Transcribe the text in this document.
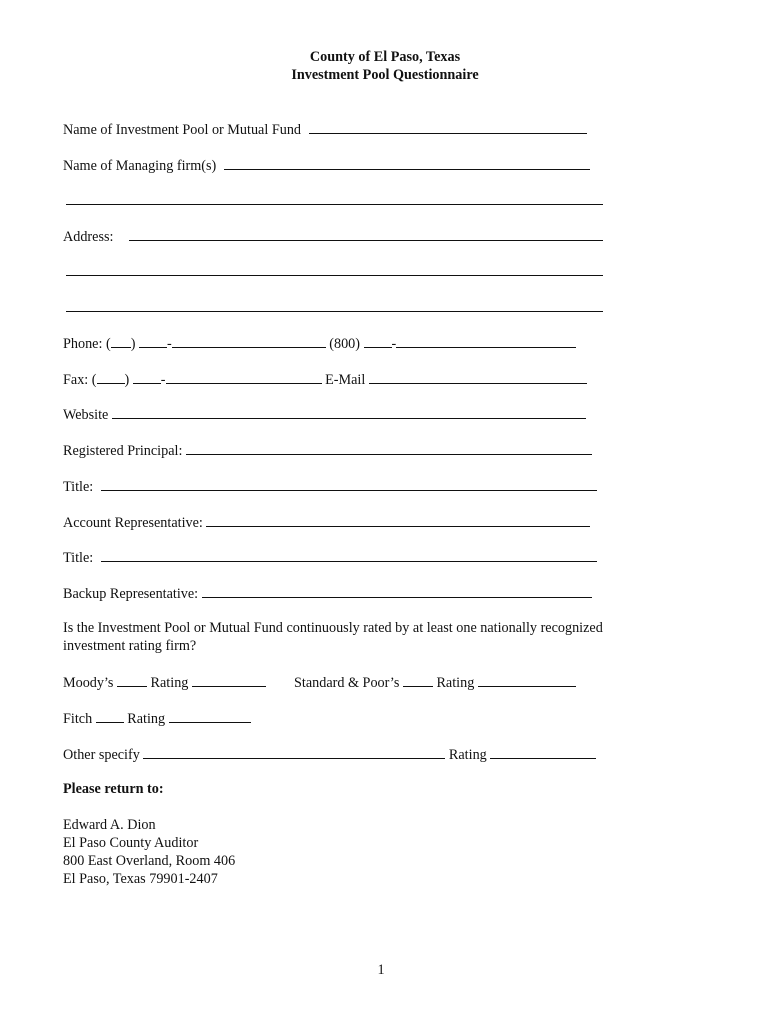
County of El Paso, Texas
Investment Pool Questionnaire
Name of Investment Pool or Mutual Fund
Name of Managing firm(s)
Address:
Phone: ( ) -	(800) -
Fax: ( ) -	E-Mail
Website
Registered Principal:
Title:
Account Representative:
Title:
Backup Representative:
Is the Investment Pool or Mutual Fund continuously rated by at least one nationally recognized
investment rating firm?
Moody’s	Rating	Standard & Poor’s	Rating
Fitch Rating
Other specify	Rating
Please return to:
Edward A. Dion
El Paso County Auditor
800 East Overland, Room 406
El Paso, Texas 79901-2407
1
